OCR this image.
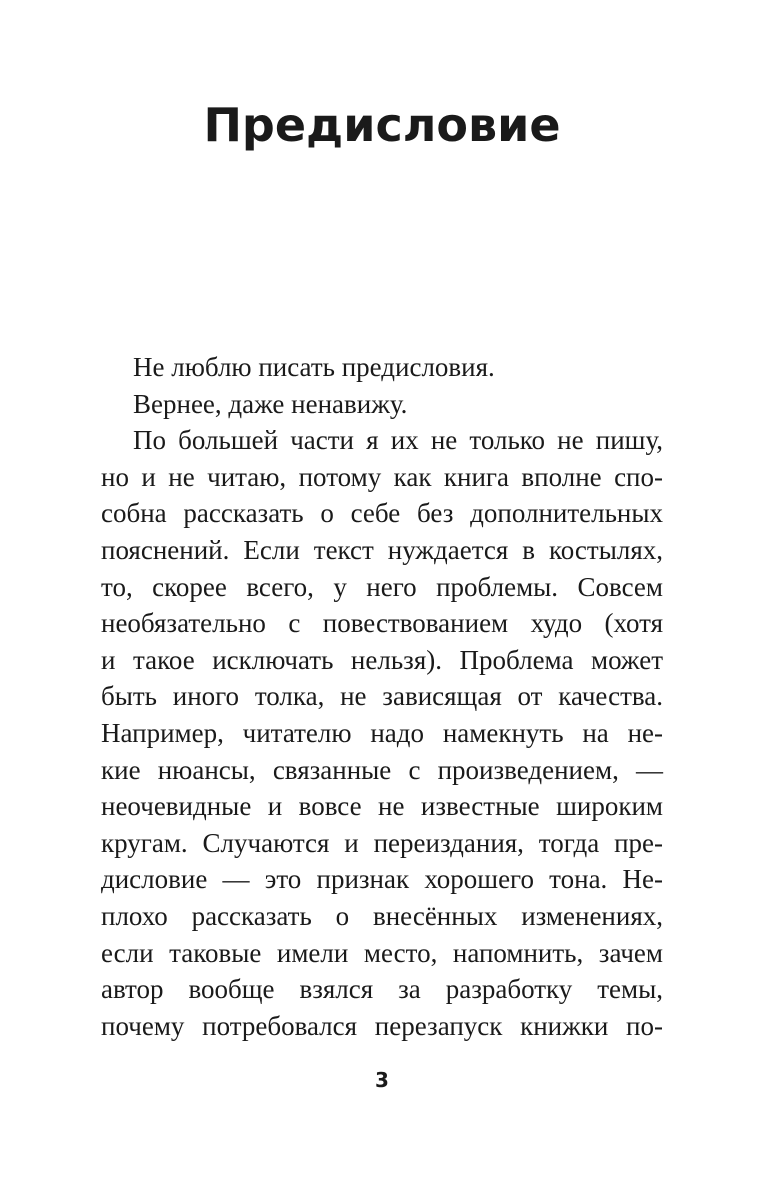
Предисловие
Не люблю писать предисловия.
Вернее, даже ненавижу.
По большей части я их не только не пишу,
но и не читаю, потому как книга вполне спо-
собна рассказать о себе без дополнительных
пояснений. Если текст нуждается в костылях,
то, скорее всего, у него проблемы. Совсем
необязательно с повествованием худо (хотя
и такое исключать нельзя). Проблема может
быть иного толка, не зависящая от качества.
Например, читателю надо намекнуть на не-
кие нюансы, связанные с произведением, —
неочевидные и вовсе не известные широким
кругам. Случаются и переиздания, тогда пре-
дисловие — это признак хорошего тона. Не-
плохо рассказать о внесённых изменениях,
если таковые имели место, напомнить, зачем
автор вообще взялся за разработку темы,
почему потребовался перезапуск книжки по-
3
